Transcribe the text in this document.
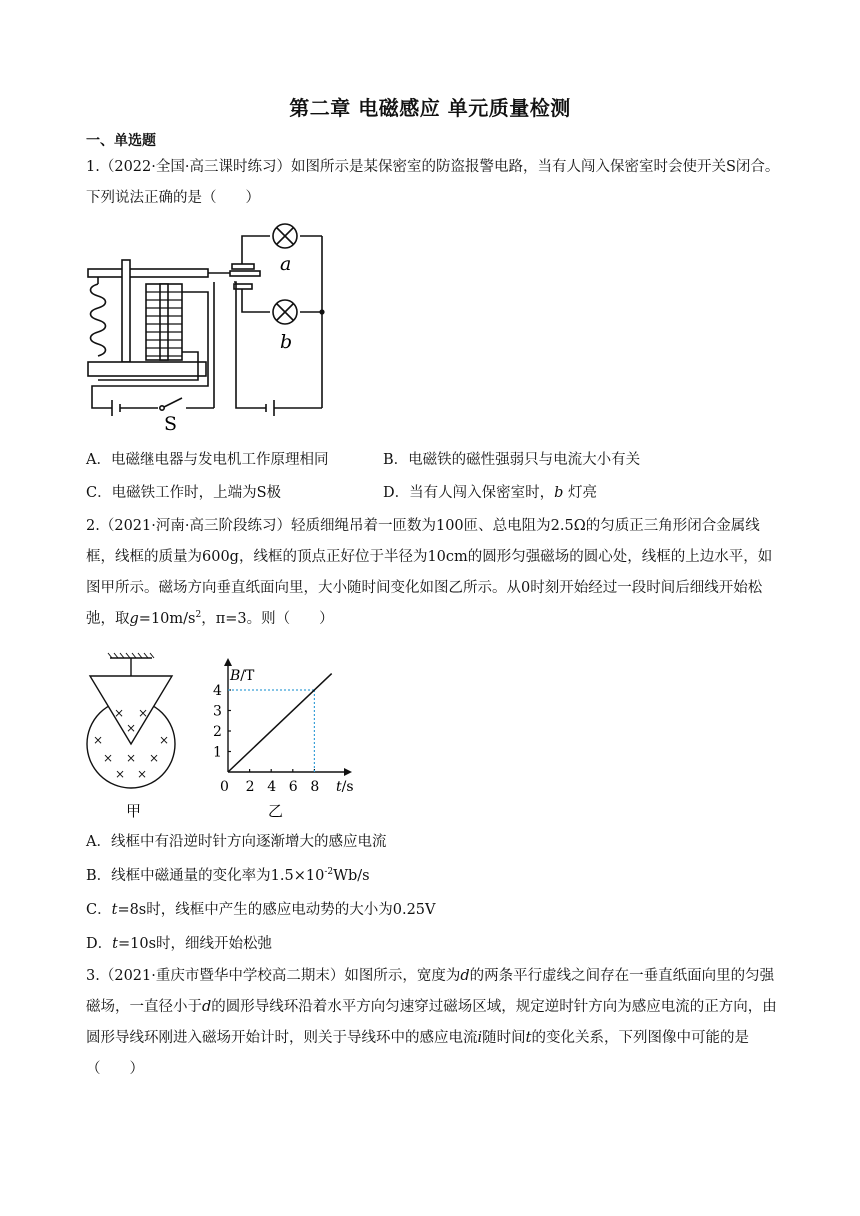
第二章 电磁感应 单元质量检测
一、单选题
1.（2022·全国·高三课时练习）如图所示是某保密室的防盗报警电路，当有人闯入保密室时会使开关S闭合。下列说法正确的是（　　）
a
b
S
A．电磁继电器与发电机工作原理相同	B．电磁铁的磁性强弱只与电流大小有关
C．电磁铁工作时，上端为S极	D．当有人闯入保密室时，b 灯亮
2.（2021·河南·高三阶段练习）轻质细绳吊着一匝数为100匝、总电阻为2.5Ω的匀质正三角形闭合金属线框，线框的质量为600g，线框的顶点正好位于半径为10cm的圆形匀强磁场的圆心处，线框的上边水平，如图甲所示。磁场方向垂直纸面向里，大小随时间变化如图乙所示。从0时刻开始经过一段时间后细线开始松弛，取$g=10m/s^2$，π=3。则（　　）
× ×
×
×	×
× × ×
× ×
甲
B/T
t/s
0 2 4 6 8
1
2
3
4
乙
A．线框中有沿逆时针方向逐渐增大的感应电流
B．线框中磁通量的变化率为$1.5\times 10^{-2}Wb/s$
C．t=8s时，线框中产生的感应电动势的大小为0.25V
D．t=10s时，细线开始松弛
3.（2021·重庆市暨华中学校高二期末）如图所示，宽度为d的两条平行虚线之间存在一垂直纸面向里的匀强磁场，一直径小于d的圆形导线环沿着水平方向匀速穿过磁场区域，规定逆时针方向为感应电流的正方向，由圆形导线环刚进入磁场开始计时，则关于导线环中的感应电流i随时间t的变化关系，下列图像中可能的是（　　）
